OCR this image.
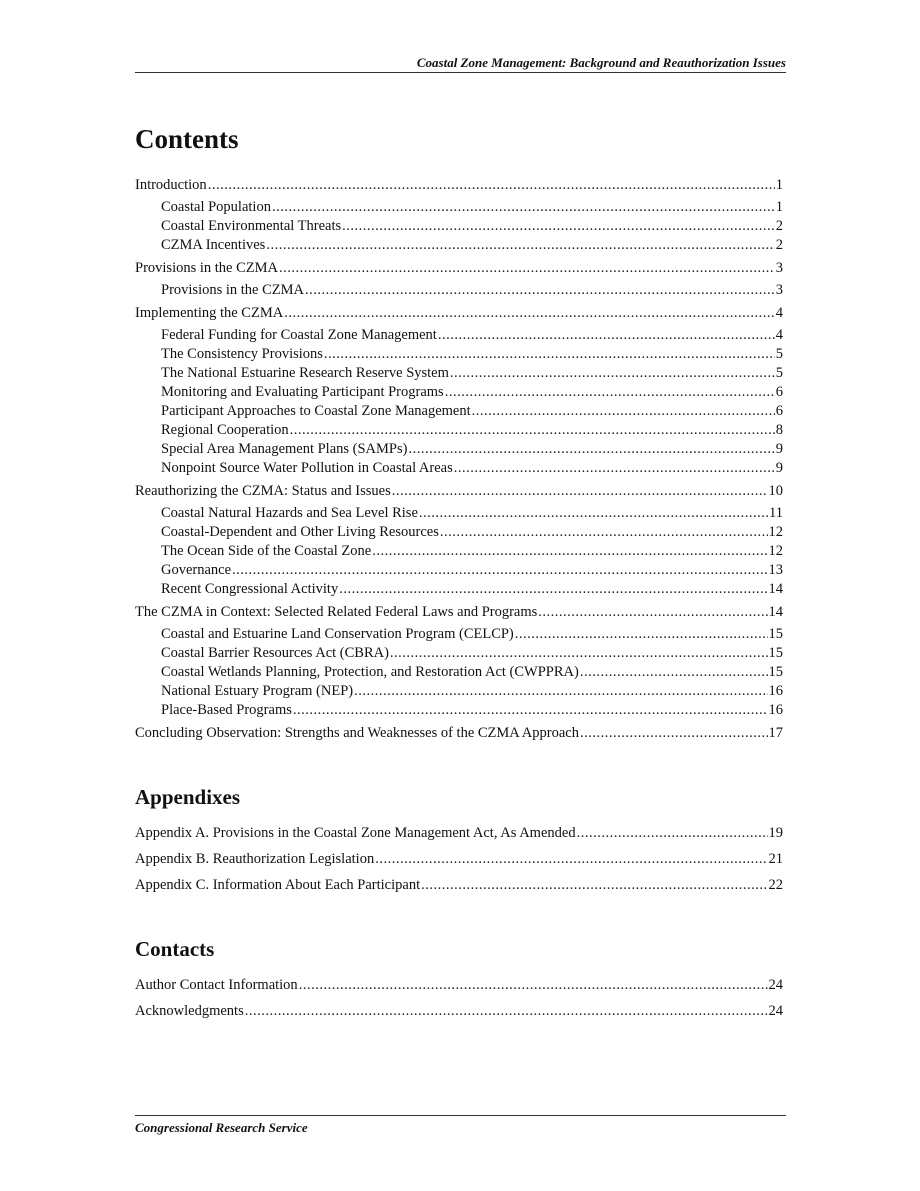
Coastal Zone Management: Background and Reauthorization Issues
Contents
Introduction .....	1
Coastal Population .....	1
Coastal Environmental Threats .....	2
CZMA Incentives .....	2
Provisions in the CZMA .....	3
Provisions in the CZMA .....	3
Implementing the CZMA .....	4
Federal Funding for Coastal Zone Management .....	4
The Consistency Provisions .....	5
The National Estuarine Research Reserve System .....	5
Monitoring and Evaluating Participant Programs .....	6
Participant Approaches to Coastal Zone Management .....	6
Regional Cooperation .....	8
Special Area Management Plans (SAMPs) .....	9
Nonpoint Source Water Pollution in Coastal Areas .....	9
Reauthorizing the CZMA: Status and Issues .....	10
Coastal Natural Hazards and Sea Level Rise .....	11
Coastal-Dependent and Other Living Resources .....	12
The Ocean Side of the Coastal Zone .....	12
Governance .....	13
Recent Congressional Activity .....	14
The CZMA in Context: Selected Related Federal Laws and Programs .....	14
Coastal and Estuarine Land Conservation Program (CELCP) .....	15
Coastal Barrier Resources Act (CBRA) .....	15
Coastal Wetlands Planning, Protection, and Restoration Act (CWPPRA) .....	15
National Estuary Program (NEP) .....	16
Place-Based Programs .....	16
Concluding Observation: Strengths and Weaknesses of the CZMA Approach .....	17
Appendixes
Appendix A. Provisions in the Coastal Zone Management Act, As Amended .....	19
Appendix B. Reauthorization Legislation .....	21
Appendix C. Information About Each Participant .....	22
Contacts
Author Contact Information .....	24
Acknowledgments .....	24
Congressional Research Service
